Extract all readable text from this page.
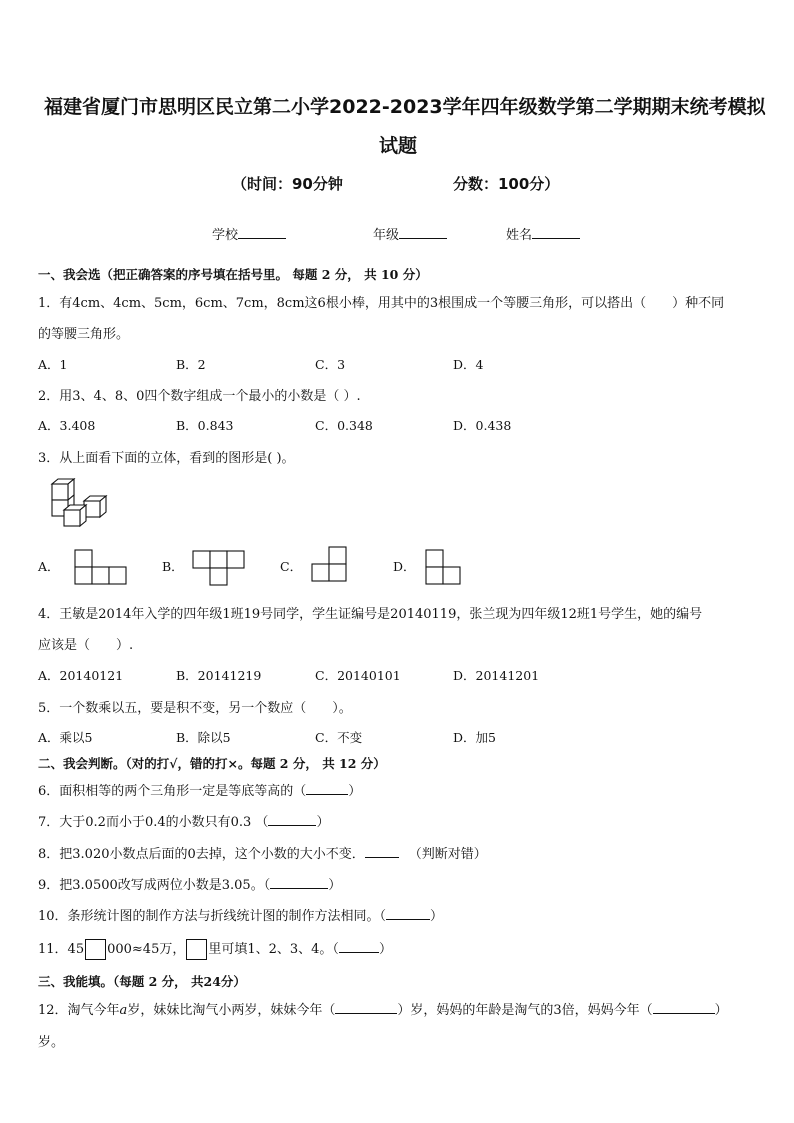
福建省厦门市思明区民立第二小学2022-2023学年四年级数学第二学期期末统考模拟
试题
（时间：90分钟	分数：100分）
学校	年级	姓名
一、我会选（把正确答案的序号填在括号里。 每题 2 分， 共 10 分）
1．有4cm、4cm、5cm，6cm、7cm，8cm这6根小棒，用其中的3根围成一个等腰三角形，可以搭出（　　）种不同
的等腰三角形。
A．1	B．2	C．3	D．4
2．用3、4、8、0四个数字组成一个最小的小数是（ ）.
A．3.408	B．0.843	C．0.348	D．0.438
3．从上面看下面的立体，看到的图形是( )。
A．	B．	C．	D．
4．王敏是2014年入学的四年级1班19号同学，学生证编号是20140119，张兰现为四年级12班1号学生，她的编号
应该是（　　）.
A．20140121	B．20141219	C．20140101	D．20141201
5．一个数乘以五，要是积不变，另一个数应（　　）。
A．乘以5	B．除以5	C．不变	D．加5
二、我会判断。（对的打√，错的打×。每题 2 分， 共 12 分）
6．面积相等的两个三角形一定是等底等高的（	）
7．大于0.2而小于0.4的小数只有0.3 （	）
8．把3.020小数点后面的0去掉，这个小数的大小不变．	（判断对错）
9．把3.0500改写成两位小数是3.05。（	）
10．条形统计图的制作方法与折线统计图的制作方法相同。（	）
11．45 000≈45万， 里可填1、2、3、4。（	）
三、我能填。（每题 2 分， 共24分）
12．淘气今年a岁，妹妹比淘气小两岁，妹妹今年（	）岁，妈妈的年龄是淘气的3倍，妈妈今年（	）
岁。
